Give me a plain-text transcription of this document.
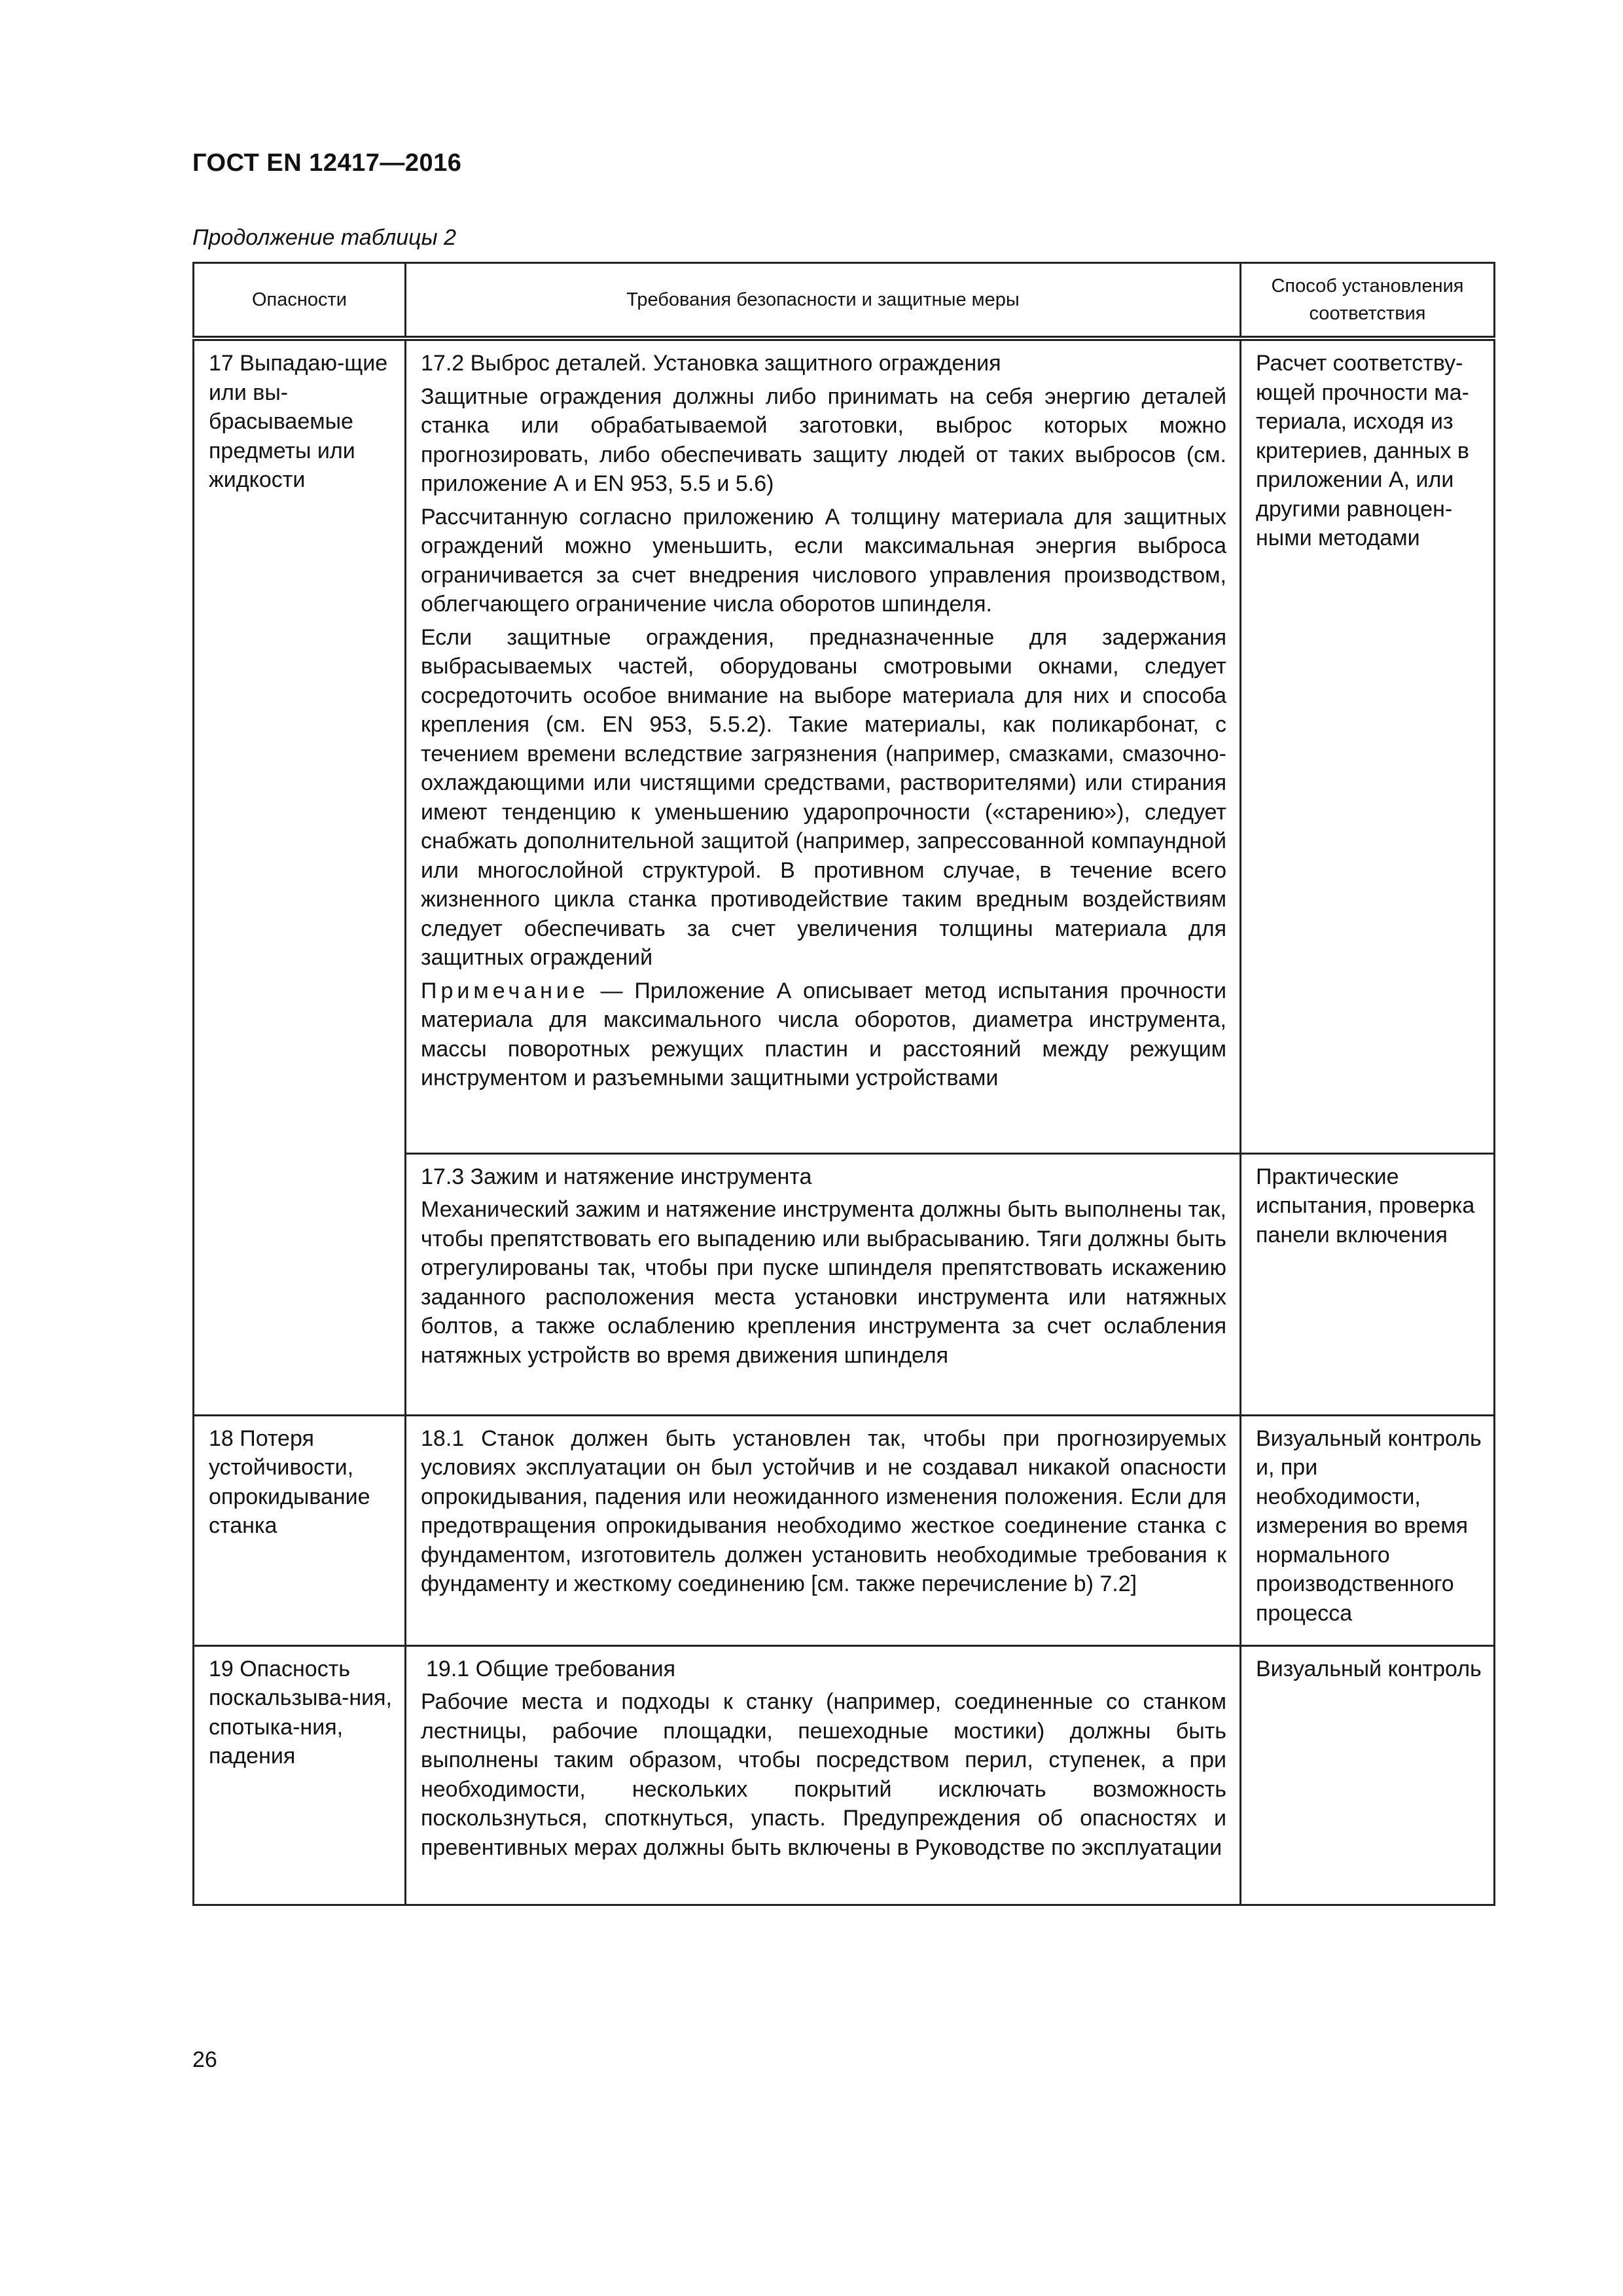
ГОСТ EN 12417—2016
Продолжение таблицы 2
Опасности	Требования безопасности и защитные меры	Способ установления соответствия

17 Выпадаю-щие или вы-брасываемые предметы или жидкости	17.2 Выброс деталей. Установка защитного ограждения

Защитные ограждения должны либо принимать на себя энергию деталей станка или обрабатываемой заготовки, выброс которых можно прогнозировать, либо обеспечивать защиту людей от таких выбросов (см. приложение А и EN 953, 5.5 и 5.6)

Рассчитанную согласно приложению А толщину материала для защитных ограждений можно уменьшить, если максимальная энергия выброса ограничивается за счет внедрения числового управления производством, облегчающего ограничение числа оборотов шпинделя.

Если защитные ограждения, предназначенные для задержания выбрасываемых частей, оборудованы смотровыми окнами, следует сосредоточить особое внимание на выборе материала для них и способа крепления (см. EN 953, 5.5.2). Такие материалы, как поликарбонат, с течением времени вследствие загрязнения (например, смазками, смазочно-охлаждающими или чистящими средствами, растворителями) или стирания имеют тенденцию к уменьшению ударопрочности («старению»), следует снабжать дополнительной защитой (например, запрессованной компаундной или многослойной структурой. В противном случае, в течение всего жизненного цикла станка противодействие таким вредным воздействиям следует обеспечивать за счет увеличения толщины материала для защитных ограждений

Примечание — Приложение А описывает метод испытания прочности материала для максимального числа оборотов, диаметра инструмента, массы поворотных режущих пластин и расстояний между режущим инструментом и разъемными защитными устройствами	Расчет соответству-ющей прочности ма-териала, исходя из критериев, данных в приложении А, или другими равноцен-ными методами

	17.3 Зажим и натяжение инструмента

Механический зажим и натяжение инструмента должны быть выполнены так, чтобы препятствовать его выпадению или выбрасыванию. Тяги должны быть отрегулированы так, чтобы при пуске шпинделя препятствовать искажению заданного расположения места установки инструмента или натяжных болтов, а также ослаблению крепления инструмента за счет ослабления натяжных устройств во время движения шпинделя	Практические испытания, проверка панели включения

18 Потеря устойчивости, опрокидывание станка	18.1 Станок должен быть установлен так, чтобы при прогнозируемых условиях эксплуатации он был устойчив и не создавал никакой опасности опрокидывания, падения или неожиданного изменения положения. Если для предотвращения опрокидывания необходимо жесткое соединение станка с фундаментом, изготовитель должен установить необходимые требования к фундаменту и жесткому соединению [см. также перечисление b) 7.2]	Визуальный контроль и, при необходимости, измерения во время нормального производственного процесса

19 Опасность поскальзыва-ния, спотыка-ния, падения	19.1 Общие требования

Рабочие места и подходы к станку (например, соединенные со станком лестницы, рабочие площадки, пешеходные мостики) должны быть выполнены таким образом, чтобы посредством перил, ступенек, а при необходимости, нескольких покрытий исключать возможность поскользнуться, споткнуться, упасть. Предупреждения об опасностях и превентивных мерах должны быть включены в Руководстве по эксплуатации	Визуальный контроль
26
